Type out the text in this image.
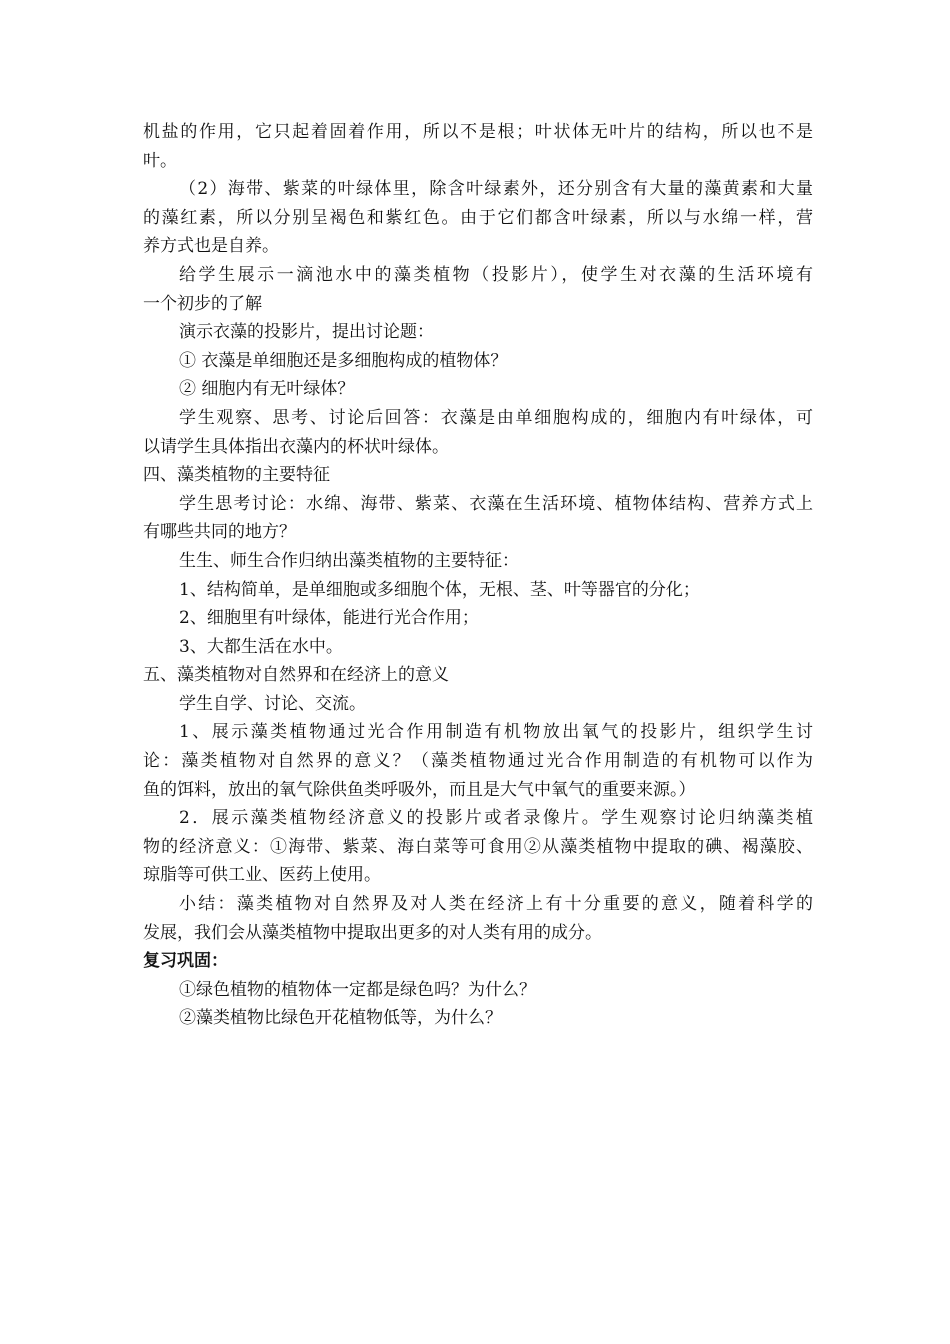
机盐的作用，它只起着固着作用，所以不是根；叶状体无叶片的结构，所以也不是
叶。
（2）海带、紫菜的叶绿体里，除含叶绿素外，还分别含有大量的藻黄素和大量
的藻红素，所以分别呈褐色和紫红色。由于它们都含叶绿素，所以与水绵一样，营
养方式也是自养。
给学生展示一滴池水中的藻类植物（投影片），使学生对衣藻的生活环境有
一个初步的了解
演示衣藻的投影片，提出讨论题：
① 衣藻是单细胞还是多细胞构成的植物体？
② 细胞内有无叶绿体？
学生观察、思考、讨论后回答：衣藻是由单细胞构成的，细胞内有叶绿体，可
以请学生具体指出衣藻内的杯状叶绿体。
四、藻类植物的主要特征
学生思考讨论：水绵、海带、紫菜、衣藻在生活环境、植物体结构、营养方式上
有哪些共同的地方？
生生、师生合作归纳出藻类植物的主要特征：
1、结构简单，是单细胞或多细胞个体，无根、茎、叶等器官的分化；
2、细胞里有叶绿体，能进行光合作用；
3、大都生活在水中。
五、藻类植物对自然界和在经济上的意义
学生自学、讨论、交流。
1、展示藻类植物通过光合作用制造有机物放出氧气的投影片，组织学生讨
论：藻类植物对自然界的意义？（藻类植物通过光合作用制造的有机物可以作为
鱼的饵料，放出的氧气除供鱼类呼吸外，而且是大气中氧气的重要来源。）
2．展示藻类植物经济意义的投影片或者录像片。学生观察讨论归纳藻类植
物的经济意义：①海带、紫菜、海白菜等可食用②从藻类植物中提取的碘、褐藻胶、
琼脂等可供工业、医药上使用。
小结：藻类植物对自然界及对人类在经济上有十分重要的意义，随着科学的
发展，我们会从藻类植物中提取出更多的对人类有用的成分。
复习巩固：
①绿色植物的植物体一定都是绿色吗？为什么？
②藻类植物比绿色开花植物低等，为什么？
